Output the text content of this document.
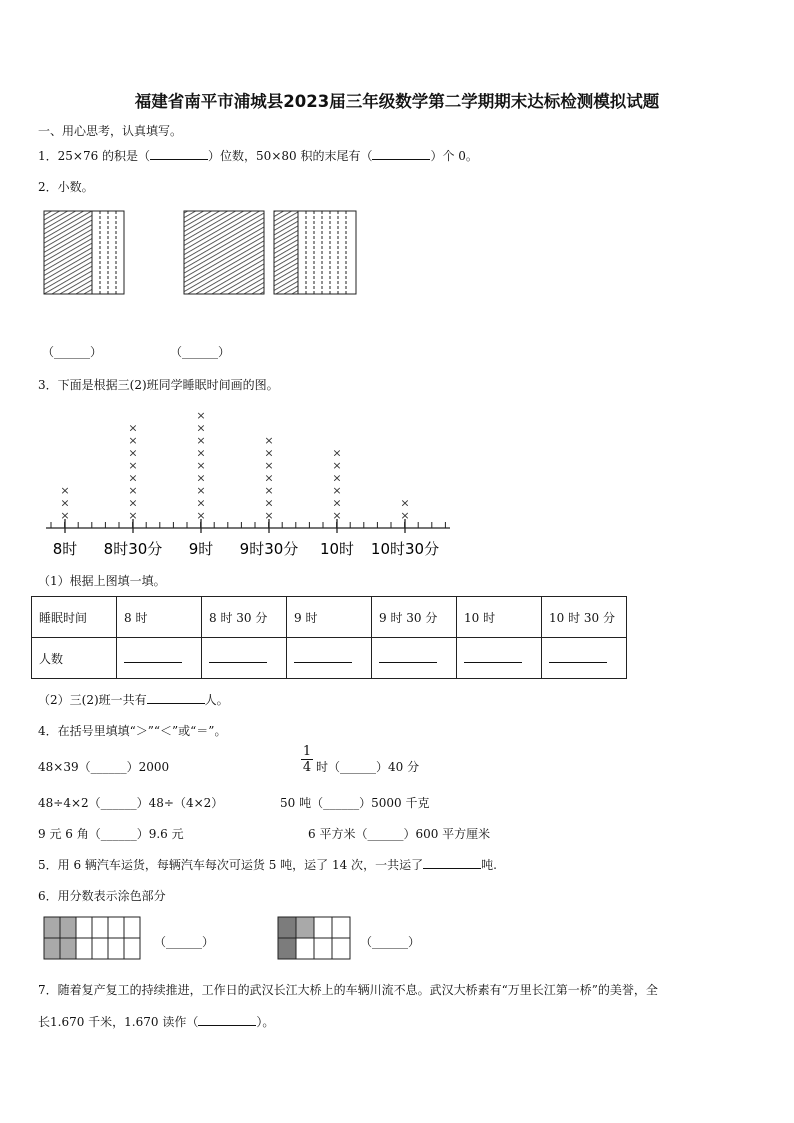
福建省南平市浦城县2023届三年级数学第二学期期末达标检测模拟试题
一、用心思考，认真填写。
1．25×76 的积是（	）位数，50×80 积的末尾有（	）个 0。
2．小数。
（______）	（______）
3．下面是根据三(2)班同学睡眠时间画的图。
8时
×
×
×
8时30分
×
×
×
×
×
×
×
×
9时
×
×
×
×
×
×
×
×
×
9时30分
×
×
×
×
×
×
×
10时
×
×
×
×
×
×
10时30分
×
×
（1）根据上图填一填。
睡眠时间	8 时	8 时 30 分	9 时	9 时 30 分	10 时	10 时 30 分
人数						
（2）三(2)班一共有	人。
4．在括号里填填“＞”“＜”或“＝”。
48×39（______）2000	$\frac{1}{4}$ 时（______）40 分
48÷4×2（______）48÷（4×2）	50 吨（______）5000 千克
9 元 6 角（______）9.6 元	6 平方米（______）600 平方厘米
5．用 6 辆汽车运货，每辆汽车每次可运货 5 吨，运了 14 次，一共运了	吨.
6．用分数表示涂色部分
（______）	（______）
7．随着复产复工的持续推进，工作日的武汉长江大桥上的车辆川流不息。武汉大桥素有“万里长江第一桥”的美誉，全
长1.670 千米，1.670 读作（	）。
